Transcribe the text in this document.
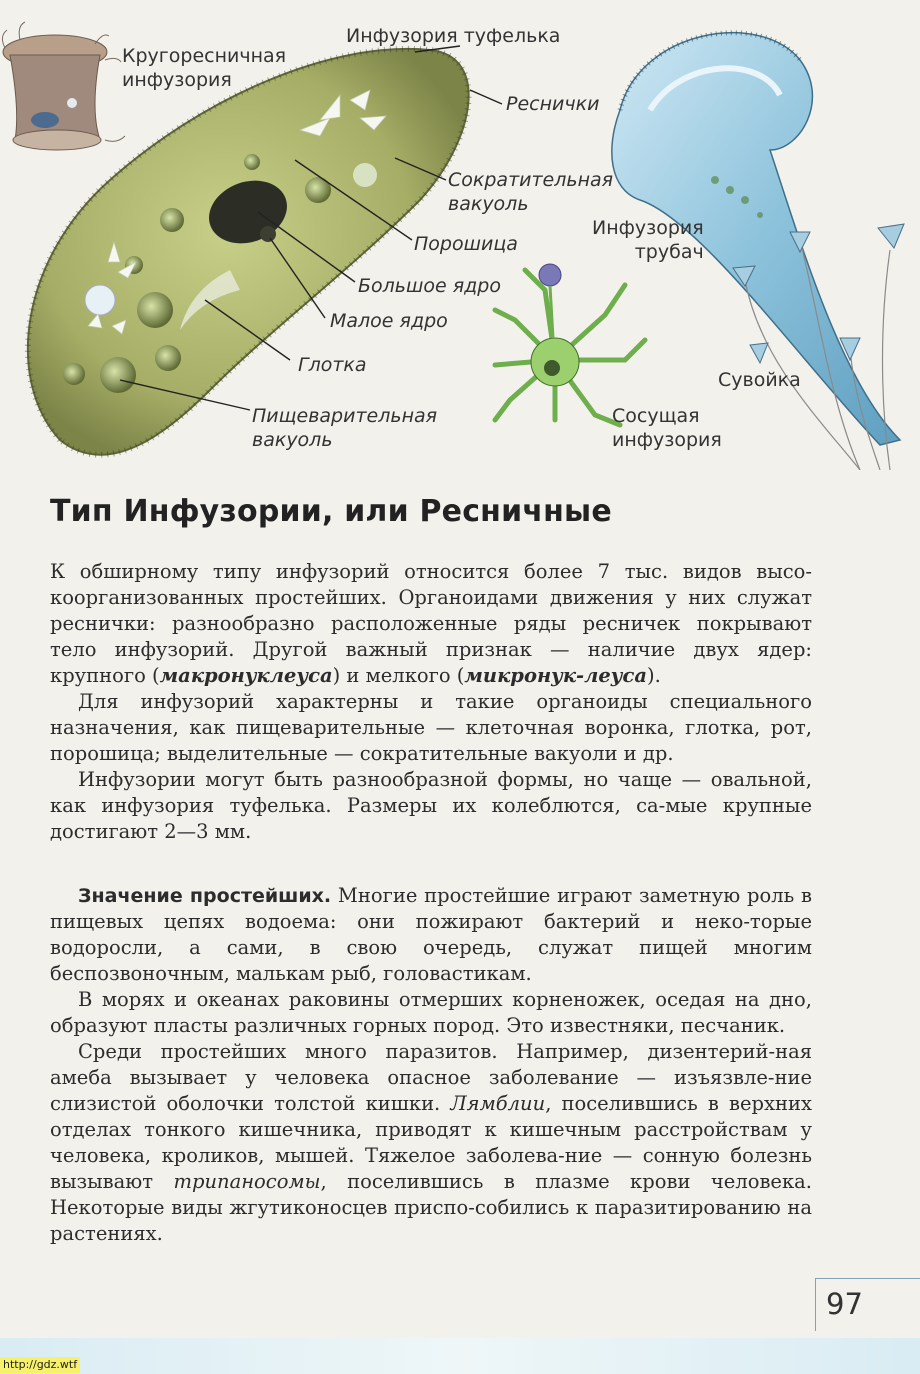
Кругоресничная
инфузория
Инфузория туфелька
Реснички
Сократительная
вакуоль
Порошица
Большое ядро
Малое ядро
Глотка
Пищеварительная
вакуоль
Инфузория
трубач
Сувойка
Сосущая
инфузория
Тип Инфузории, или Ресничные

К обширному типу инфузорий относится более 7 тыс. видов высо-коорганизованных простейших. Органоидами движения у них служат реснички: разнообразно расположенные ряды ресничек покрывают тело инфузорий. Другой важный признак — наличие двух ядер: крупного (макронуклеуса) и мелкого (микронук-леуса).

Для инфузорий характерны и такие органоиды специального назначения, как пищеварительные — клеточная воронка, глотка, рот, порошица; выделительные — сократительные вакуоли и др.

Инфузории могут быть разнообразной формы, но чаще — овальной, как инфузория туфелька. Размеры их колеблются, са-мые крупные достигают 2—3 мм.

Значение простейших. Многие простейшие играют заметную роль в пищевых цепях водоема: они пожирают бактерий и неко-торые водоросли, а сами, в свою очередь, служат пищей многим беспозвоночным, малькам рыб, головастикам.

В морях и океанах раковины отмерших корненожек, оседая на дно, образуют пласты различных горных пород. Это известняки, песчаник.

Среди простейших много паразитов. Например, дизентерий-ная амеба вызывает у человека опасное заболевание — изъязвле-ние слизистой оболочки толстой кишки. Лямблии, поселившись в верхних отделах тонкого кишечника, приводят к кишечным расстройствам у человека, кроликов, мышей. Тяжелое заболева-ние — сонную болезнь вызывают трипаносомы, поселившись в плазме крови человека. Некоторые виды жгутиконосцев приспо-собились к паразитированию на растениях.

97
http://gdz.wtf
